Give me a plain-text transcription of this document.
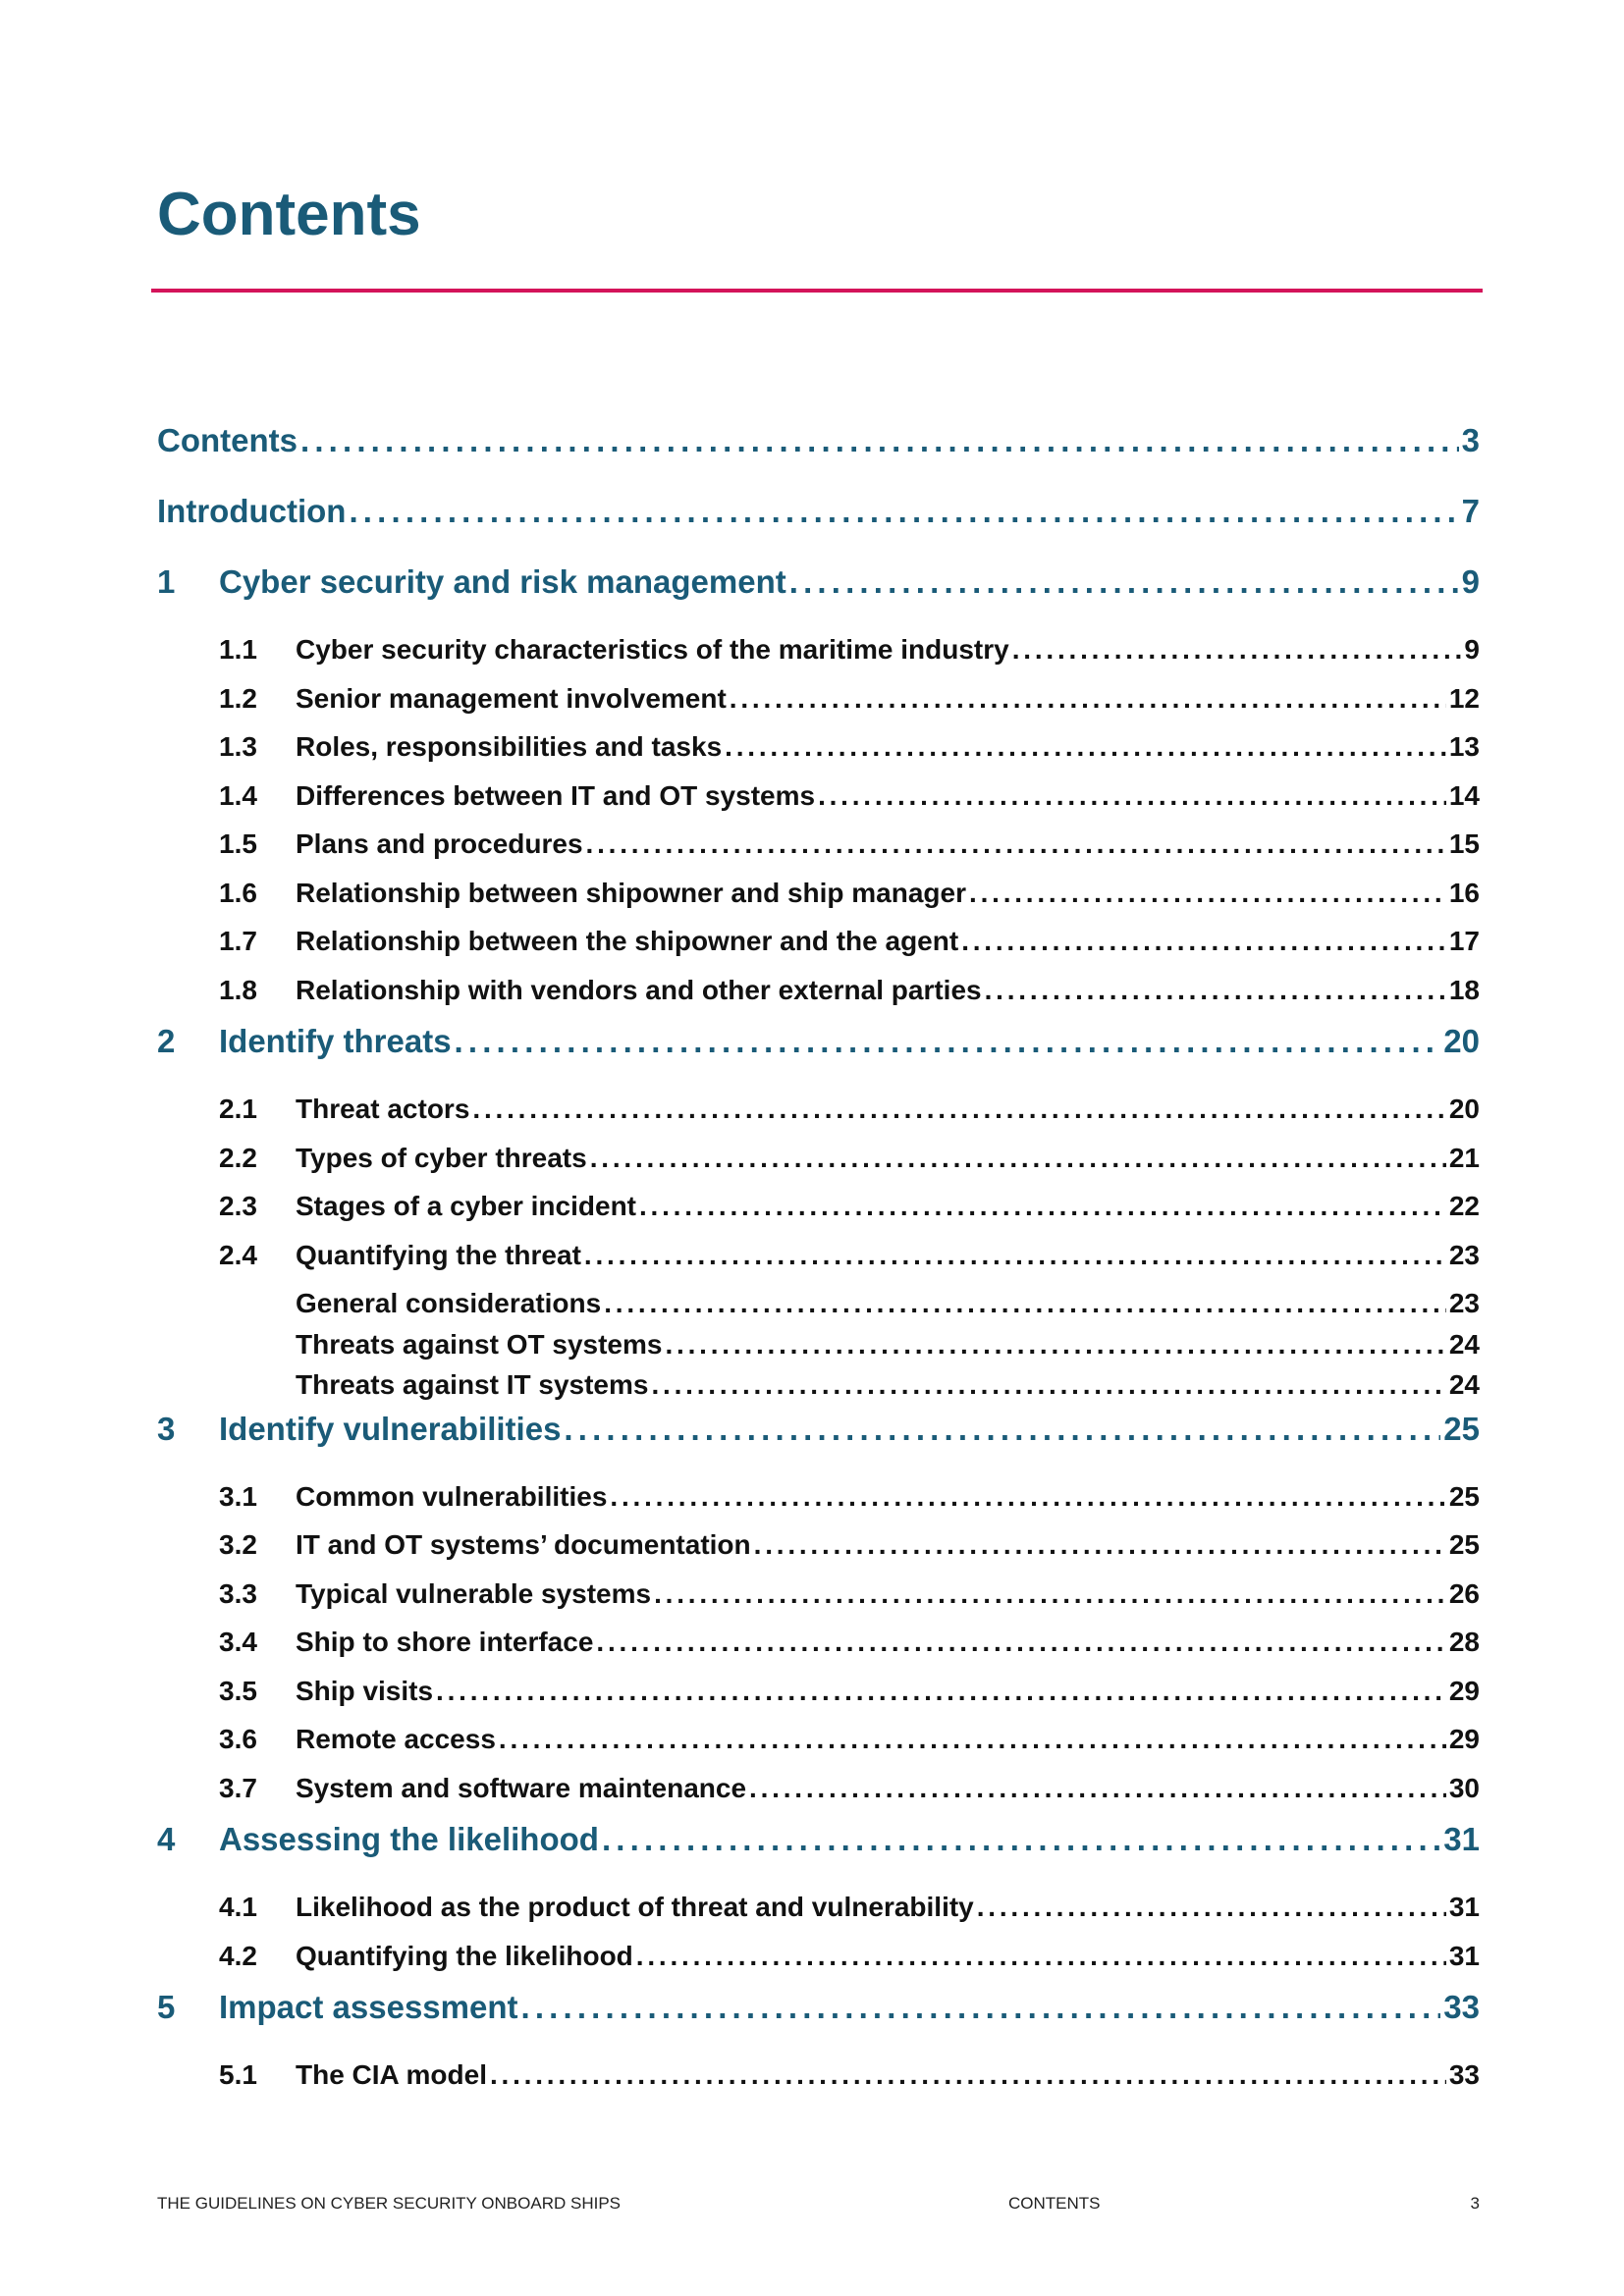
Contents
Contents . . .	3
Introduction . . .	7
1	Cyber security and risk management . . .	9
1.1	Cyber security characteristics of the maritime industry . . .	9
1.2	Senior management involvement . . .	12
1.3	Roles, responsibilities and tasks . . .	13
1.4	Differences between IT and OT systems . . .	14
1.5	Plans and procedures . . .	15
1.6	Relationship between shipowner and ship manager . . .	16
1.7	Relationship between the shipowner and the agent . . .	17
1.8	Relationship with vendors and other external parties . . .	18
2	Identify threats . . .	20
2.1	Threat actors . . .	20
2.2	Types of cyber threats . . .	21
2.3	Stages of a cyber incident . . .	22
2.4	Quantifying the threat . . .	23
General considerations . . .	23
Threats against OT systems . . .	24
Threats against IT systems . . .	24
3	Identify vulnerabilities . . .	25
3.1	Common vulnerabilities . . .	25
3.2	IT and OT systems’ documentation . . .	25
3.3	Typical vulnerable systems . . .	26
3.4	Ship to shore interface . . .	28
3.5	Ship visits . . .	29
3.6	Remote access . . .	29
3.7	System and software maintenance . . .	30
4	Assessing the likelihood . . .	31
4.1	Likelihood as the product of threat and vulnerability . . .	31
4.2	Quantifying the likelihood . . .	31
5	Impact assessment . . .	33
5.1	The CIA model . . .	33
THE GUIDELINES ON CYBER SECURITY ONBOARD SHIPS	CONTENTS	3
